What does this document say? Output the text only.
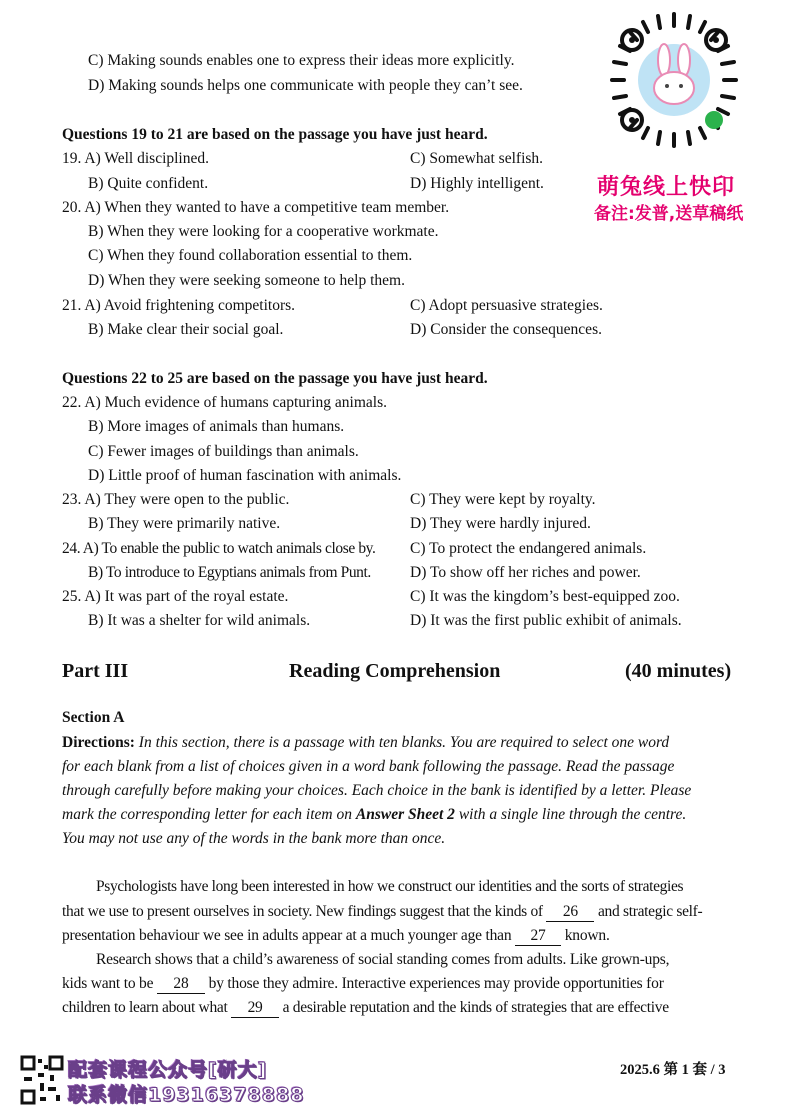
C) Making sounds enables one to express their ideas more explicitly.
D) Making sounds helps one communicate with people they can’t see.
Questions 19 to 21 are based on the passage you have just heard.
19. A) Well disciplined.	C) Somewhat selfish.
B) Quite confident.	D) Highly intelligent.
20. A) When they wanted to have a competitive team member.
B) When they were looking for a cooperative workmate.
C) When they found collaboration essential to them.
D) When they were seeking someone to help them.
21. A) Avoid frightening competitors.	C) Adopt persuasive strategies.
B) Make clear their social goal.	D) Consider the consequences.
Questions 22 to 25 are based on the passage you have just heard.
22. A) Much evidence of humans capturing animals.
B) More images of animals than humans.
C) Fewer images of buildings than animals.
D) Little proof of human fascination with animals.
23. A) They were open to the public.	C) They were kept by royalty.
B) They were primarily native.	D) They were hardly injured.
24. A) To enable the public to watch animals close by. C) To protect the endangered animals.
B) To introduce to Egyptians animals from Punt.	D) To show off her riches and power.
25. A) It was part of the royal estate.	C) It was the kingdom’s best-equipped zoo.
B) It was a shelter for wild animals.	D) It was the first public exhibit of animals.
Part III	Reading Comprehension	(40 minutes)
Section A
Directions: In this section, there is a passage with ten blanks. You are required to select one word
for each blank from a list of choices given in a word bank following the passage. Read the passage
through carefully before making your choices. Each choice in the bank is identified by a letter. Please
mark the corresponding letter for each item on Answer Sheet 2 with a single line through the centre.
You may not use any of the words in the bank more than once.
Psychologists have long been interested in how we construct our identities and the sorts of strategies
that we use to present ourselves in society. New findings suggest that the kinds of 26 and strategic self-
presentation behaviour we see in adults appear at a much younger age than 27 known.
Research shows that a child’s awareness of social standing comes from adults. Like grown-ups,
kids want to be 28 by those they admire. Interactive experiences may provide opportunities for
children to learn about what 29 a desirable reputation and the kinds of strategies that are effective
萌兔线上快印
备注:发普,送草稿纸
配套课程公众号[研大]
联系微信19316378888
2025.6 第 1 套 / 3
